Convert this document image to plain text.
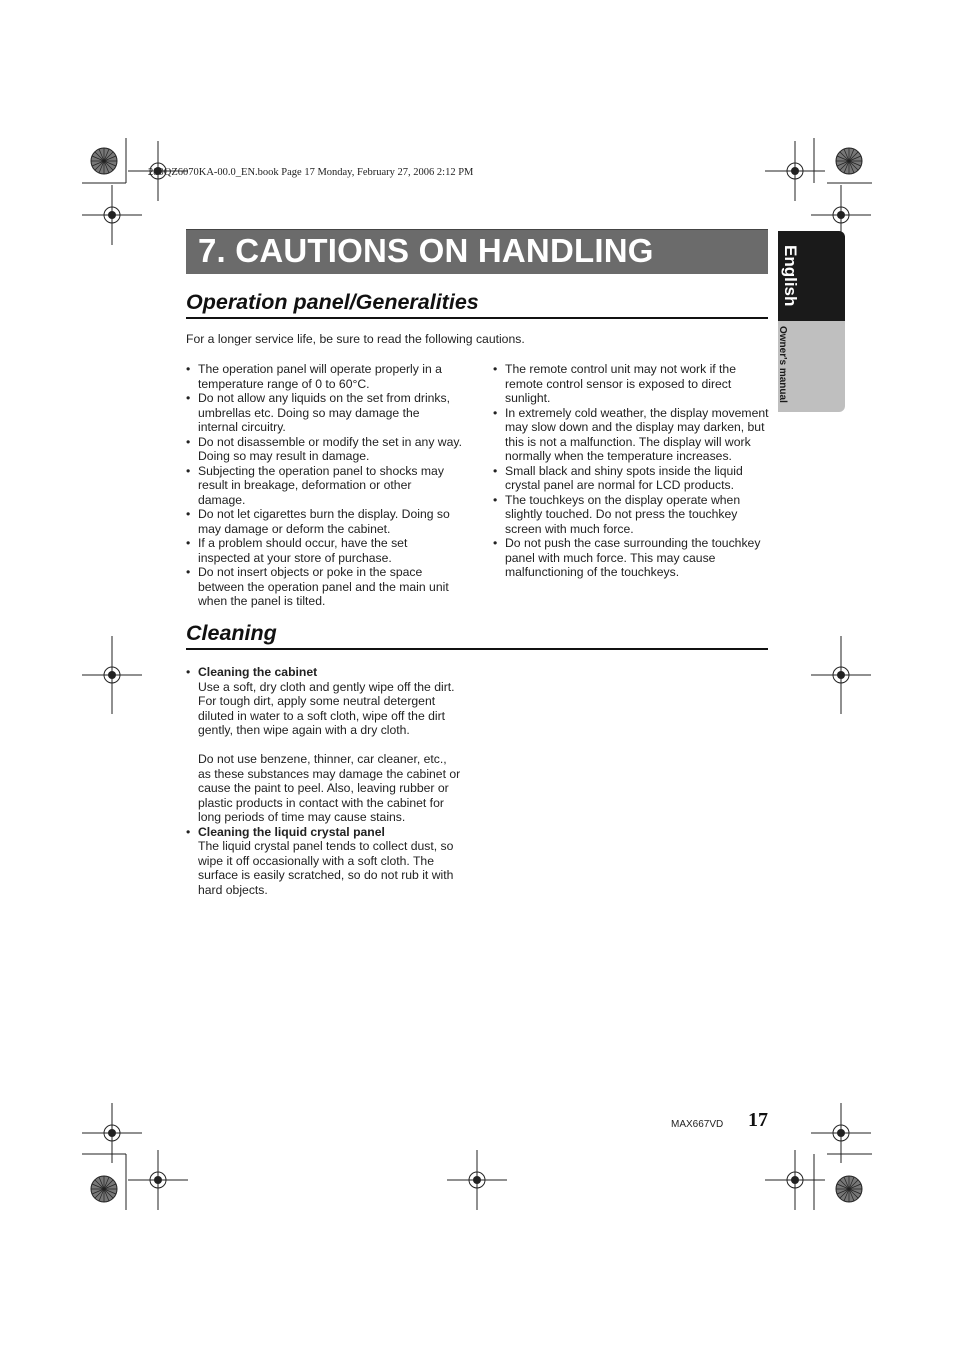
280QZ6070KA-00.0_EN.book Page 17 Monday, February 27, 2006 2:12 PM
7. CAUTIONS ON HANDLING	English
Owner's manual
Operation panel/Generalities
For a longer service life, be sure to read the following cautions.
• The operation panel will operate properly in a temperature range of 0 to 60°C.
• Do not allow any liquids on the set from drinks, umbrellas etc. Doing so may damage the internal circuitry.
• Do not disassemble or modify the set in any way. Doing so may result in damage.
• Subjecting the operation panel to shocks may result in breakage, deformation or other damage.
• Do not let cigarettes burn the display. Doing so may damage or deform the cabinet.
• If a problem should occur, have the set inspected at your store of purchase.
• Do not insert objects or poke in the space between the operation panel and the main unit when the panel is tilted.
• The remote control unit may not work if the remote control sensor is exposed to direct sunlight.
• In extremely cold weather, the display movement may slow down and the display may darken, but this is not a malfunction. The display will work normally when the temperature increases.
• Small black and shiny spots inside the liquid crystal panel are normal for LCD products.
• The touchkeys on the display operate when slightly touched. Do not press the touchkey screen with much force.
• Do not push the case surrounding the touchkey panel with much force. This may cause malfunctioning of the touchkeys.
Cleaning
• Cleaning the cabinet
Use a soft, dry cloth and gently wipe off the dirt. For tough dirt, apply some neutral detergent diluted in water to a soft cloth, wipe off the dirt gently, then wipe again with a dry cloth.
Do not use benzene, thinner, car cleaner, etc., as these substances may damage the cabinet or cause the paint to peel. Also, leaving rubber or plastic products in contact with the cabinet for long periods of time may cause stains.
• Cleaning the liquid crystal panel
The liquid crystal panel tends to collect dust, so wipe it off occasionally with a soft cloth. The surface is easily scratched, so do not rub it with hard objects.
MAX667VD 17
